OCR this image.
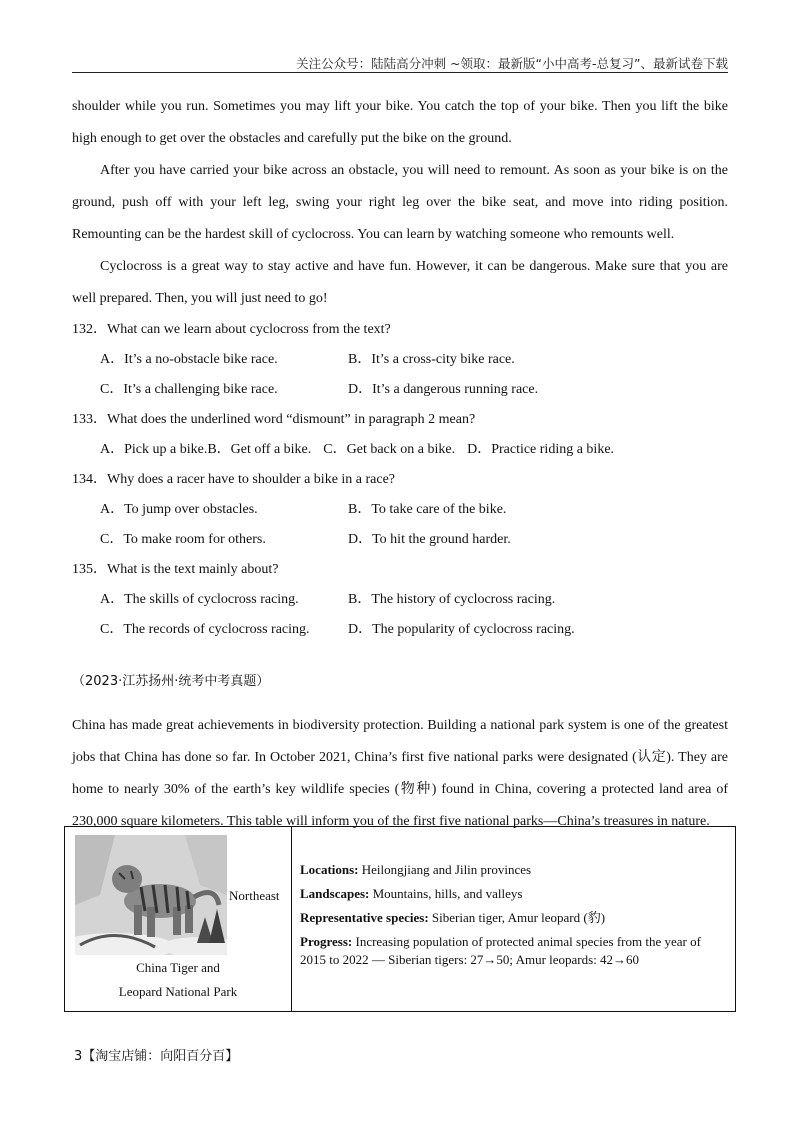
关注公众号：陆陆高分冲刺 ~领取：最新版“小中高考-总复习”、最新试卷下载

shoulder while you run. Sometimes you may lift your bike. You catch the top of your bike. Then you lift the bike high enough to get over the obstacles and carefully put the bike on the ground.

After you have carried your bike across an obstacle, you will need to remount. As soon as your bike is on the ground, push off with your left leg, swing your right leg over the bike seat, and move into riding position. Remounting can be the hardest skill of cyclocross. You can learn by watching someone who remounts well.

Cyclocross is a great way to stay active and have fun. However, it can be dangerous. Make sure that you are well prepared. Then, you will just need to go!

132．What can we learn about cyclocross from the text?

A．It’s a no-obstacle bike race.	B．It’s a cross-city bike race.
C．It’s a challenging bike race.	D．It’s a dangerous running race.

133．What does the underlined word “dismount” in paragraph 2 mean?

A．Pick up a bike. B．Get off a bike. C．Get back on a bike. D．Practice riding a bike.

134．Why does a racer have to shoulder a bike in a race?

A．To jump over obstacles.	B．To take care of the bike.
C．To make room for others.	D．To hit the ground harder.

135．What is the text mainly about?

A．The skills of cyclocross racing.	B．The history of cyclocross racing.
C．The records of cyclocross racing.	D．The popularity of cyclocross racing.

（2023·江苏扬州·统考中考真题）

China has made great achievements in biodiversity protection. Building a national park system is one of the greatest jobs that China has done so far. In October 2021, China’s first five national parks were designated (认定). They are home to nearly 30% of the earth’s key wildlife species (物种) found in China, covering a protected land area of 230,000 square kilometers. This table will inform you of the first five national parks—China’s treasures in nature.

Northeast
China Tiger and
Leopard National Park

Locations: Heilongjiang and Jilin provinces

Landscapes: Mountains, hills, and valleys

Representative species: Siberian tiger, Amur leopard (豹)

Progress: Increasing population of protected animal species from the year of 2015 to 2022 — Siberian tigers: 27→50; Amur leopards: 42→60

3【淘宝店铺：向阳百分百】
